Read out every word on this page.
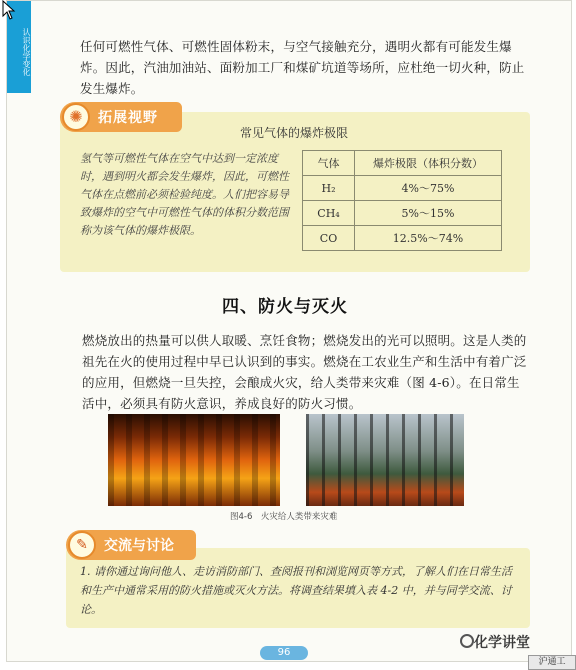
认识化学变化	任何可燃性气体、可燃性固体粉末，与空气接触充分，遇明火都有可能发生爆炸。因此，汽油加油站、面粉加工厂和煤矿坑道等场所，应杜绝一切火种，防止发生爆炸。
✺	拓展视野
常见气体的爆炸极限
氢气等可燃性气体在空气中达到一定浓度时，遇到明火都会发生爆炸，因此，可燃性气体在点燃前必须检验纯度。人们把容易导致爆炸的空气中可燃性气体的体积分数范围称为该气体的爆炸极限。
气体	爆炸极限（体积分数）
H₂	4%～75%
CH₄	5%～15%
CO	12.5%～74%
四、防火与灭火
燃烧放出的热量可以供人取暖、烹饪食物；燃烧发出的光可以照明。这是人类的祖先在火的使用过程中早已认识到的事实。燃烧在工农业生产和生活中有着广泛的应用，但燃烧一旦失控，会酿成火灾，给人类带来灾难（图 4-6）。在日常生活中，必须具有防火意识，养成良好的防火习惯。
图4-6　火灾给人类带来灾难
✎	交流与讨论
1. 请你通过询问他人、走访消防部门、查阅报刊和浏览网页等方式，了解人们在日常生活和生产中通常采用的防火措施或灭火方法。将调查结果填入表 4-2 中，并与同学交流、讨论。
96
化学讲堂
沪通工
